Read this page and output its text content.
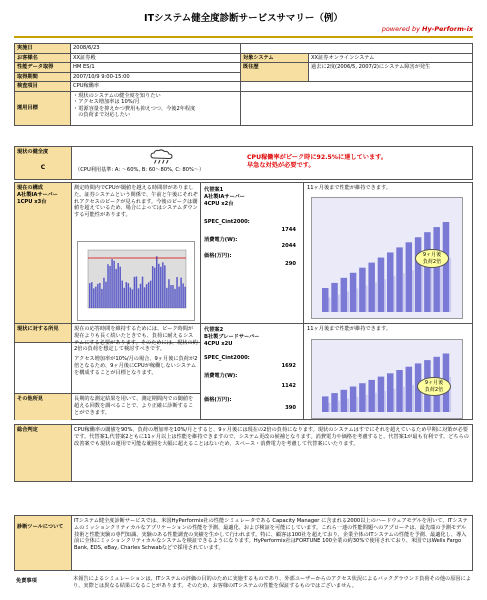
ITシステム健全度診断サービスサマリー（例）
powered by Hy-Perform-ix
実施日	2008/6/23		
お客様名	XX証券殿	対象システム	XX証券オンラインシステム
性能データ取得	HM ES/1	既往歴	過去に2度(2006/5, 2007/2)にシステム障害が発生
取得期間	2007/10/9 9:00-15:00		
検査項目	CPU稼働率		
運用目標	・現状のシステムの健全度を知りたい
・アクセス増加率は 10%/月
・電源容量を抑えかつ費用も抑えつつ、今後2年程度
　の負荷まで対応したい		

現状の健全度
C	（CPU利用基準: A: ～60%, B: 60～80%, C: 80%～）
CPU稼働率がピーク時に92.5%に達しています。
早急な対処が必要です。
現在の構成
A社製IAサーバー
1CPU x3台
測定時間内でCPUが閾値を越える時間帯がありました。証券システムという関係で、午前と午後にそれぞれアクセスのピークが見られます。今後のピークは閾値を超えているため、場合によってはシステムダウンする可能性があります。
代替案1
A社製IAサーバー
4CPU x2台
SPEC_Cint2000:
1744
消費電力(W):
2044
価格(万円):
290
11ヶ月後まで性能が維持できます。
9ヶ月後
負荷2倍
現状に対する所見	現在の応答時間を維持するためには、ピーク時間が現在よりも長く続いたときでも、負荷に耐えるシステムにする必要があります。そのためには、現状の約2倍の負荷を想定して検討すべきです。
アクセス増加率が10%/月の場合、9ヶ月後に負荷が2倍となるため、9ヶ月後にCPUが稼働しないシステムを構成することが目標となります。
代替案2
B社製ブレードサーバー
4CPU x2U
SPEC_Cint2000:
1692
消費電力(W):
1142
価格(万円):
390
11ヶ月後まで性能が維持できます。
9ヶ月後
負荷2倍
その他所見	長期的な測定結果を用いて、測定期間内での閾値を超える回数を調べることで、より正確に診断することができます。
総合判定	CPU稼働率の閾値を90%、負荷の増加率を10%/月とすると、9ヶ月後には現在の2倍の負荷になります。現状のシステムはすでにそれを超えているため早期に対策が必要です。代替案1,代替案2ともに11ヶ月以上は性能を維持できますので、システム更改の候補となります。消費電力や価格を考慮すると、代替案1が最も有利です。どちらの改善案でも現状の運用で可能な範囲を大幅に超えることはないため、スペース・消費電力を考慮して代替案にいたります。
診断ツールについて
ITシステム健全度診断サービスでは、米国HyPerformix社の性能シミュレータである Capacity Manager に含まれる2000以上のハードウェアモデルを用いて、ITシステムのミッションクリティカルなアプリケーションの性能を予測、最適化、および検証を可能にしています。これら一連の性能問題へのアプローチは、最先端の予測モデル技術と性能実験の専門知識、実験のある性能調査の実績を生かして行われます。特に、顧客は100社を超えており、企業全体のITシステムの性能を予測、最適化し、導入前に全体にミッションクリティカルなシステムを検証できるようになります。HyPerformix社はFORTUNE 100全業の約30%で使用されており、米国ではWells Fargo Bank, EDS, eBay, Charles Schwabなどで採用されています。
免責事項	本報告によるシミュレーションは、ITシステムの評価の目的のために実施するものであり、外部ユーザーからのアクセス状況によるバックグラウンド負荷その他の原因により、実際とは異なる結果になることがあります。そのため、お客様のITシステムの性能を保証するものではございません。
